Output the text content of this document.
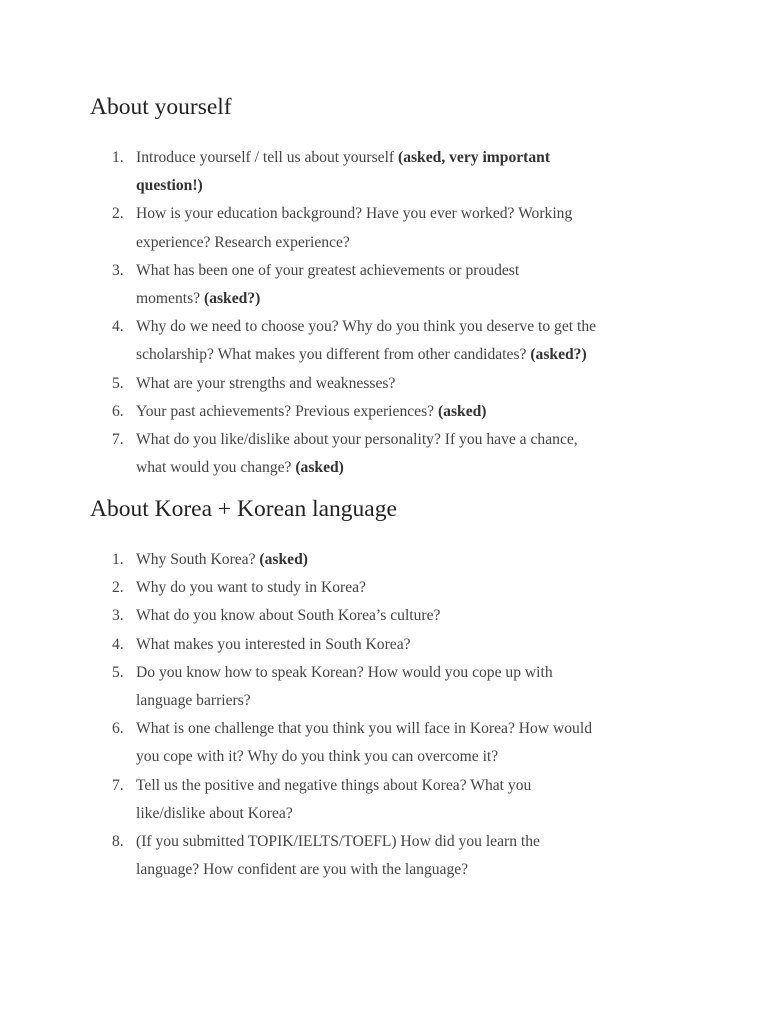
About yourself
1. Introduce yourself / tell us about yourself (asked, very important
question!)
2. How is your education background? Have you ever worked? Working
experience? Research experience?
3. What has been one of your greatest achievements or proudest
moments? (asked?)
4. Why do we need to choose you? Why do you think you deserve to get the
scholarship? What makes you different from other candidates? (asked?)
5. What are your strengths and weaknesses?
6. Your past achievements? Previous experiences? (asked)
7. What do you like/dislike about your personality? If you have a chance,
what would you change? (asked)
About Korea + Korean language
1. Why South Korea? (asked)
2. Why do you want to study in Korea?
3. What do you know about South Korea’s culture?
4. What makes you interested in South Korea?
5. Do you know how to speak Korean? How would you cope up with
language barriers?
6. What is one challenge that you think you will face in Korea? How would
you cope with it? Why do you think you can overcome it?
7. Tell us the positive and negative things about Korea? What you
like/dislike about Korea?
8. (If you submitted TOPIK/IELTS/TOEFL) How did you learn the
language? How confident are you with the language?
